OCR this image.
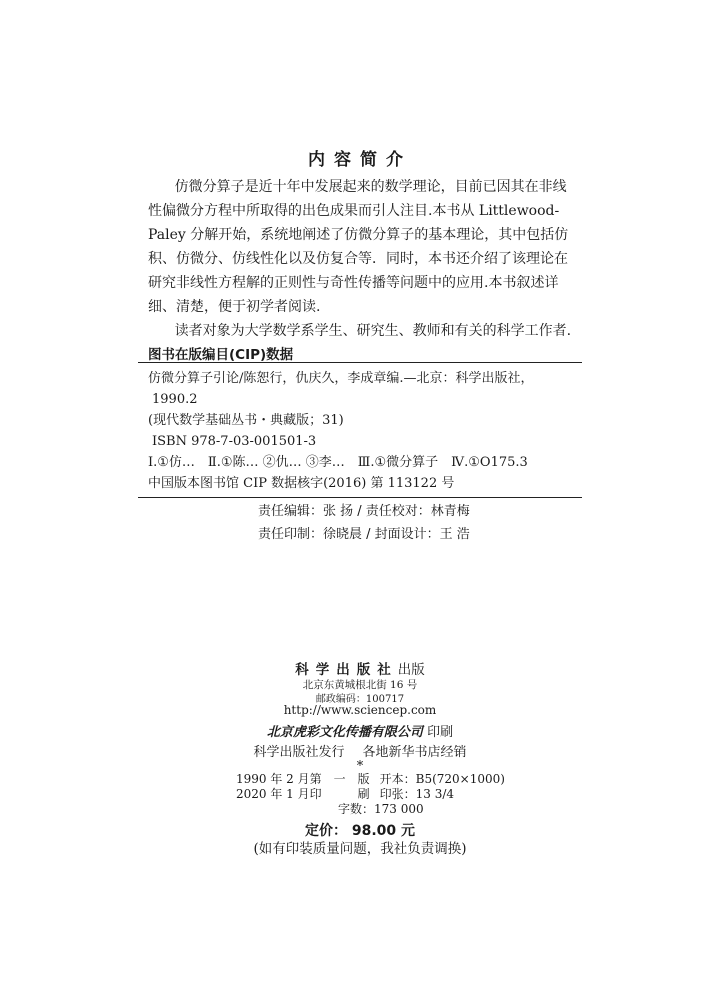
内容简介

仿微分算子是近十年中发展起来的数学理论，目前已因其在非线性偏微分方程中所取得的出色成果而引人注目.本书从 Littlewood-Paley 分解开始，系统地阐述了仿微分算子的基本理论，其中包括仿积、仿微分、仿线性化以及仿复合等．同时，本书还介绍了该理论在研究非线性方程解的正则性与奇性传播等问题中的应用.本书叙述详细、清楚，便于初学者阅读.

读者对象为大学数学系学生、研究生、教师和有关的科学工作者.

图书在版编目(CIP)数据
仿微分算子引论/陈恕行，仇庆久，李成章编.—北京：科学出版社，
1990.2
(现代数学基础丛书・典藏版；31)
ISBN 978-7-03-001501-3
Ⅰ.①仿…　Ⅱ.①陈… ②仇… ③李…　Ⅲ.①微分算子　Ⅳ.①O175.3
中国版本图书馆 CIP 数据核字(2016) 第 113122 号
责任编辑：张 扬 / 责任校对：林青梅
责任印制：徐晓晨 / 封面设计：王 浩
科学出版社出版
北京东黄城根北街 16 号
邮政编码：100717
http://www.sciencep.com
北京虎彩文化传播有限公司 印刷
科学出版社发行 各地新华书店经销
*
1990 年 2 月第　一　版 开本：B5(720×1000)
2020 年 1 月印　　　刷 印张：13 3/4
字数：173 000
定价： 98.00 元
(如有印装质量问题，我社负责调换)
